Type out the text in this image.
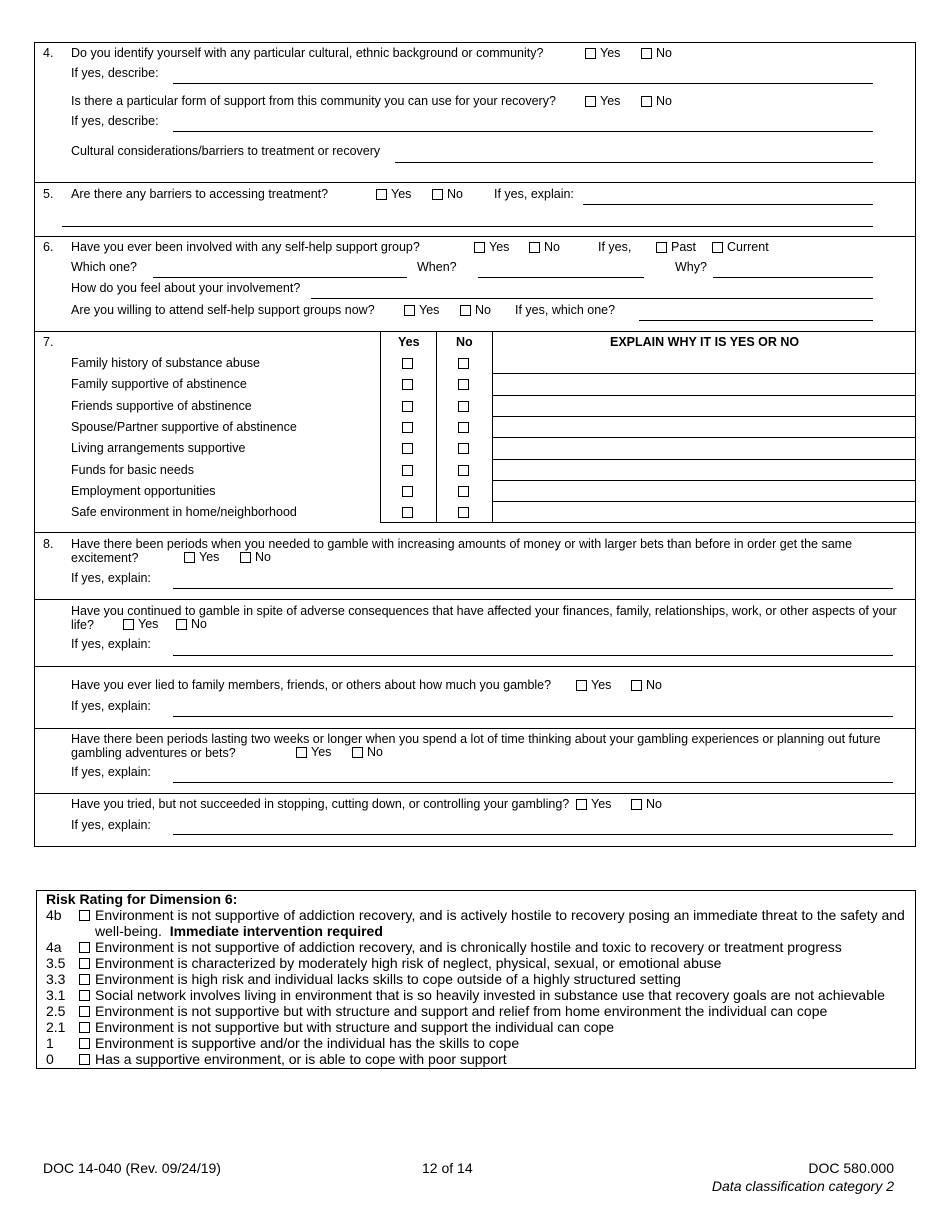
4. Do you identify yourself with any particular cultural, ethnic background or community?	Yes	No
If yes, describe:
Is there a particular form of support from this community you can use for your recovery?	Yes	No
If yes, describe:
Cultural considerations/barriers to treatment or recovery
5. Are there any barriers to accessing treatment?	Yes	No If yes, explain:
6. Have you ever been involved with any self-help support group?	Yes	No	If yes,	Past Current
Which one?	When?	Why?
How do you feel about your involvement?
Are you willing to attend self-help support groups now?	Yes	No If yes, which one?
7.	Yes	No	EXPLAIN WHY IT IS YES OR NO
Family history of substance abuse
Family supportive of abstinence
Friends supportive of abstinence
Spouse/Partner supportive of abstinence
Living arrangements supportive
Funds for basic needs
Employment opportunities
Safe environment in home/neighborhood
8. Have there been periods when you needed to gamble with increasing amounts of money or with larger bets than before in order get the same excitement?	Yes	No
If yes, explain:
Have you continued to gamble in spite of adverse consequences that have affected your finances, family, relationships, work, or other aspects of your life?	Yes	No
If yes, explain:
Have you ever lied to family members, friends, or others about how much you gamble?	Yes	No
If yes, explain:
Have there been periods lasting two weeks or longer when you spend a lot of time thinking about your gambling experiences or planning out future gambling adventures or bets?	Yes	No
If yes, explain:
Have you tried, but not succeeded in stopping, cutting down, or controlling your gambling? Yes	No
If yes, explain:
Risk Rating for Dimension 6:
4b Environment is not supportive of addiction recovery, and is actively hostile to recovery posing an immediate threat to the safety and
well-being. Immediate intervention required
4a Environment is not supportive of addiction recovery, and is chronically hostile and toxic to recovery or treatment progress
3.5 Environment is characterized by moderately high risk of neglect, physical, sexual, or emotional abuse
3.3 Environment is high risk and individual lacks skills to cope outside of a highly structured setting
3.1 Social network involves living in environment that is so heavily invested in substance use that recovery goals are not achievable
2.5 Environment is not supportive but with structure and support and relief from home environment the individual can cope
2.1 Environment is not supportive but with structure and support the individual can cope
1	Environment is supportive and/or the individual has the skills to cope
0	Has a supportive environment, or is able to cope with poor support
DOC 14-040 (Rev. 09/24/19)	12 of 14	DOC 580.000
Data classification category 2
